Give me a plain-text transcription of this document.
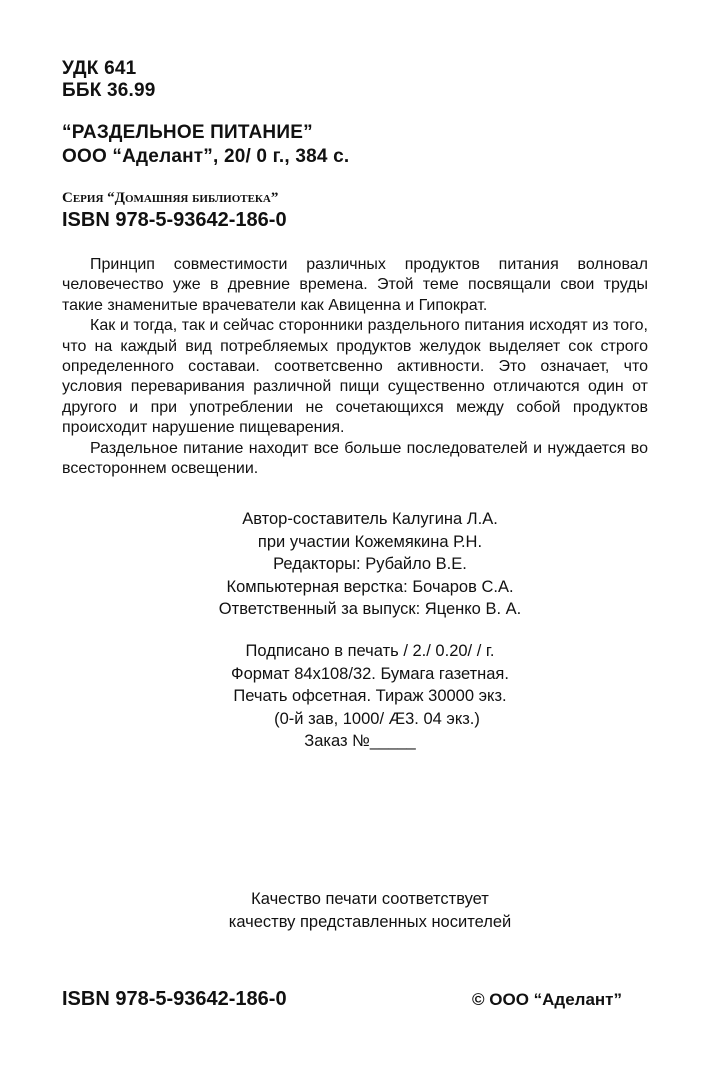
УДК 641
ББК 36.99
“РАЗДЕЛЬНОЕ ПИТАНИЕ”
ООО “Аделант”, 20/ 0 г., 384 с.
Серия “Домашняя библиотека”
ISBN 978-5-93642-186-0

Принцип совместимости различных продуктов питания волновал человечество уже в древние времена. Этой теме посвящали свои труды такие знаменитые врачеватели как Авиценна и Гипократ.

Как и тогда, так и сейчас сторонники раздельного питания исходят из того, что на каждый вид потребляемых продуктов желудок выделяет сок строго определенного составаи. соответсвенно активности. Это означает, что условия переваривания различной пищи существенно отличаются один от другого и при употреблении не сочетающихся между собой продуктов происходит нарушение пищеварения.

Раздельное питание находит все больше последователей и нуждается во всестороннем освещении.

Автор-составитель Калугина Л.А.
при участии Кожемякина Р.Н.
Редакторы: Рубайло В.Е.
Компьютерная верстка: Бочаров С.А.
Ответственный за выпуск: Яценко В. А.
Подписано в печать / 2./ 0.20/ / г.
Формат 84x108/32. Бумага газетная.
Печать офсетная. Тираж 30000 экз.
(0-й зав, 1000/ Æ3. 04 экз.)
Заказ №_____
Качество печати соответствует
качеству представленных носителей
ISBN 978-5-93642-186-0	© ООО “Аделант”
